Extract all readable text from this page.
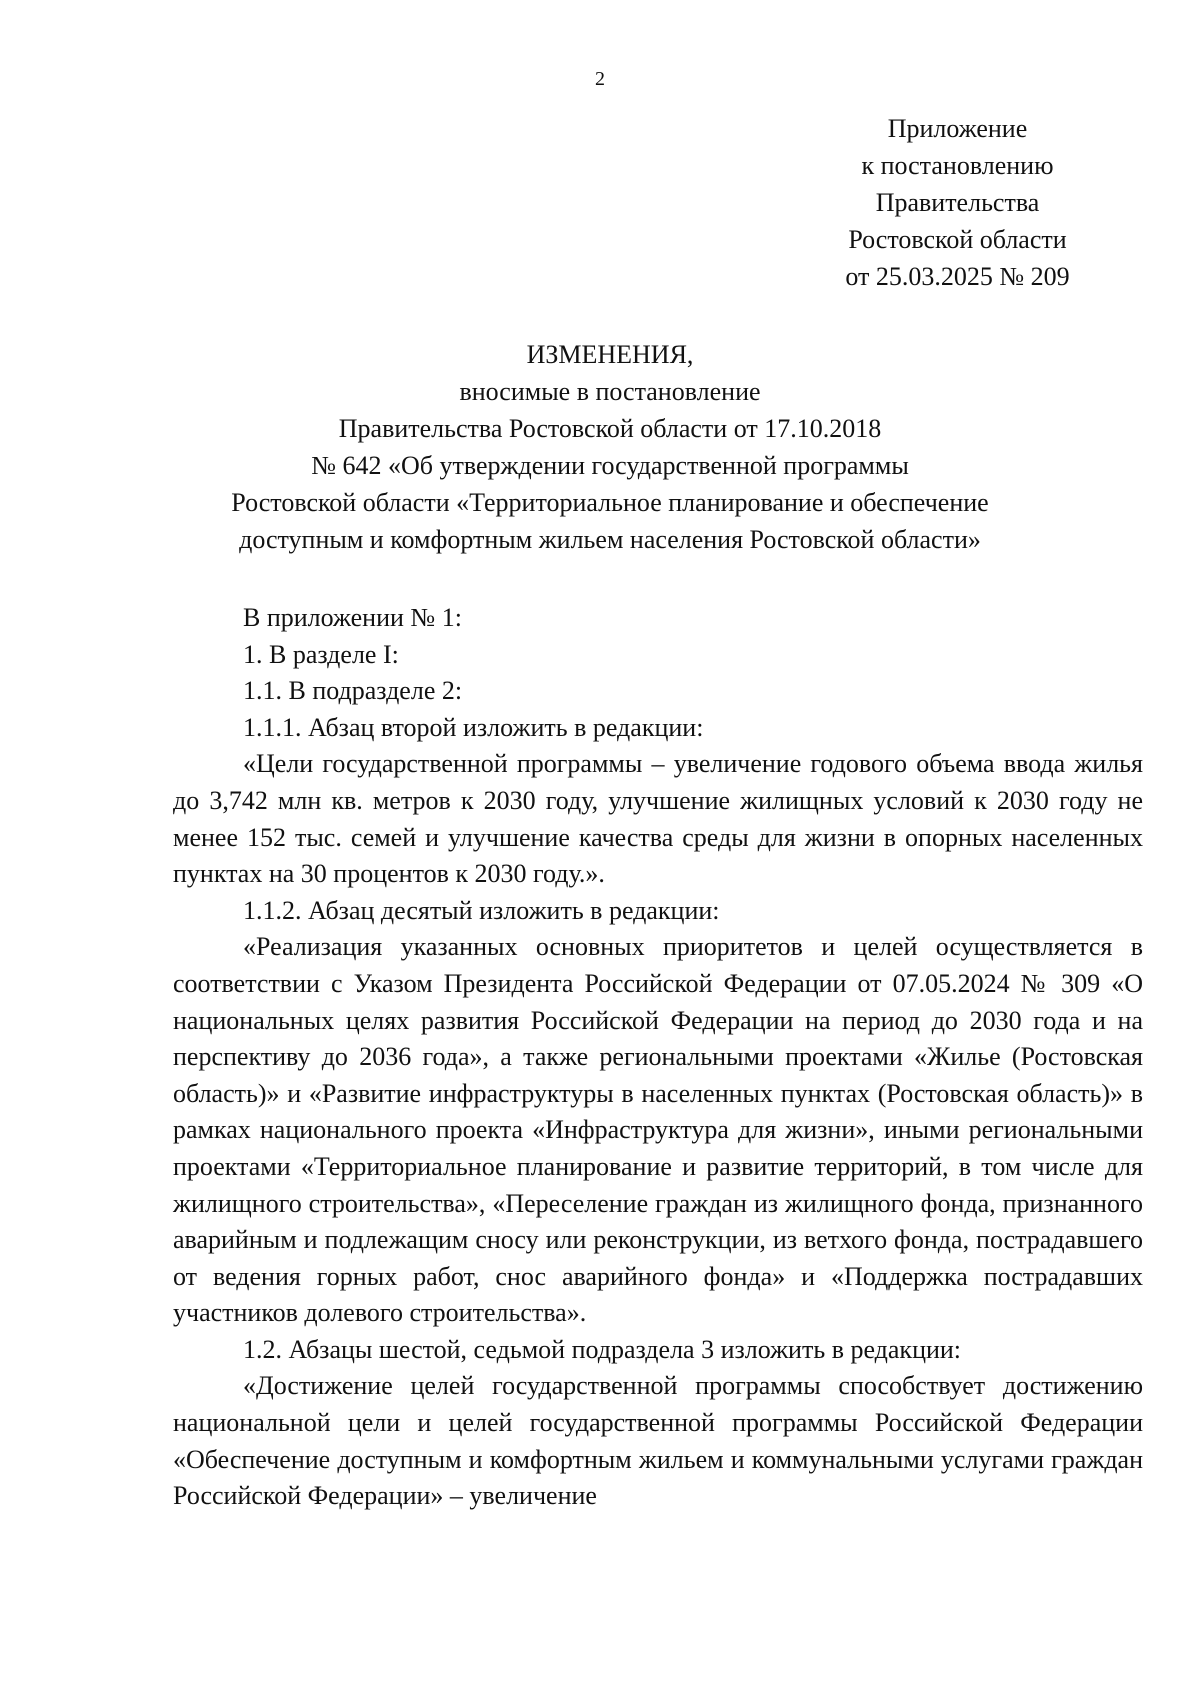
2
Приложение
к постановлению
Правительства
Ростовской области
от 25.03.2025 № 209
ИЗМЕНЕНИЯ,
вносимые в постановление
Правительства Ростовской области от 17.10.2018
№ 642 «Об утверждении государственной программы
Ростовской области «Территориальное планирование и обеспечение
доступным и комфортным жильем населения Ростовской области»

В приложении № 1:

1. В разделе I:

1.1. В подразделе 2:

1.1.1. Абзац второй изложить в редакции:

«Цели государственной программы – увеличение годового объема ввода жилья до 3,742 млн кв. метров к 2030 году, улучшение жилищных условий к 2030 году не менее 152 тыс. семей и улучшение качества среды для жизни в опорных населенных пунктах на 30 процентов к 2030 году.».

1.1.2. Абзац десятый изложить в редакции:

«Реализация указанных основных приоритетов и целей осуществляется в соответствии с Указом Президента Российской Федерации от 07.05.2024 № 309 «О национальных целях развития Российской Федерации на период до 2030 года и на перспективу до 2036 года», а также региональными проектами «Жилье (Ростовская область)» и «Развитие инфраструктуры в населенных пунктах (Ростовская область)» в рамках национального проекта «Инфраструктура для жизни», иными региональными проектами «Территориальное планирование и развитие территорий, в том числе для жилищного строительства», «Переселение граждан из жилищного фонда, признанного аварийным и подлежащим сносу или реконструкции, из ветхого фонда, пострадавшего от ведения горных работ, снос аварийного фонда» и «Поддержка пострадавших участников долевого строительства».

1.2. Абзацы шестой, седьмой подраздела 3 изложить в редакции:

«Достижение целей государственной программы способствует достижению национальной цели и целей государственной программы Российской Федерации «Обеспечение доступным и комфортным жильем и коммунальными услугами граждан Российской Федерации» – увеличение
